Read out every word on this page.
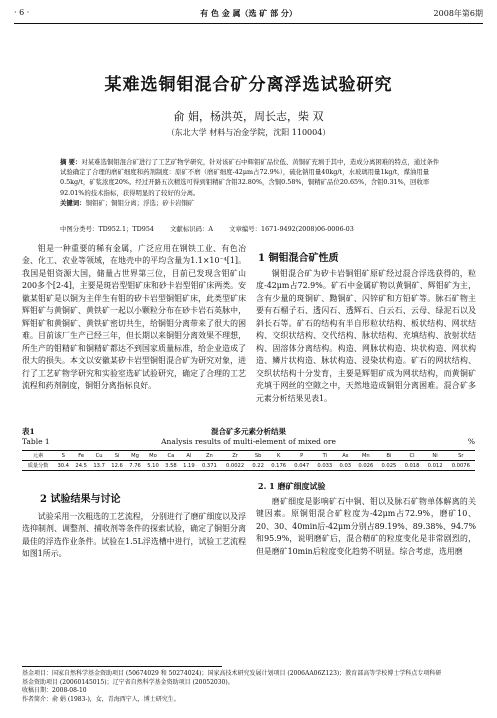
· 6 ·	有 色 金 属（选 矿 部 分）	2008年第6期
某难选铜钼混合矿分离浮选试验研究
俞 娟，杨洪英，周长志，柴 双
（东北大学 材料与冶金学院，沈阳 110004）
摘 要：对某难选铜钼混合矿进行了工艺矿物学研究，针对该矿石中辉钼矿品位低、黄铜矿充填于其中，造成分离困难的特点，通过条件试验确定了合理的磨矿细度和药剂制度：原矿不磨（磨矿细度-42μm占72.9%），硫化钠用量40kg/t，水玻璃用量1kg/t，煤油用量0.5kg/t，矿浆浓度20%。经过开路五次精选可得到钼精矿含钼32.80%，含铜0.58%，铜精矿品位20.65%，含钼0.31%，回收率92.01%的技术指标，获得明显的了较好的分离。
关键词：铜钼矿；铜钼分离；浮选；矽卡岩铜矿
中图分类号：TD952.1；TD954	文献标识码：A	文章编号：1671-9492(2008)06-0006-03
钼是一种重要的稀有金属，广泛应用在钢铁工业、有色冶金、化工、农业等领域，在地壳中的平均含量为1.1×10⁻⁴[1]。我国是钼资源大国，储量占世界第三位，目前已发现含钼矿山200多个[2-4]，主要是斑岩型钼矿床和砂卡岩型钼矿床两类。安徽某钼矿是以铜为主伴生有钼的矽卡岩型铜钼矿床，此类型矿床辉钼矿与黄铜矿、黄铁矿一起以小颗粒分布在砂卡岩石英脉中，辉钼矿和黄铜矿、黄铁矿密切共生，给铜钼分离带来了很大的困难。目前该厂生产已经三年，但长期以来铜钼分离效果不理想，所生产的钼精矿和铜精矿都达不到国家质量标准，给企业造成了很大的损失。本文以安徽某矽卡岩型铜钼混合矿为研究对象，进行了工艺矿物学研究和实验室选矿试验研究，确定了合理的工艺流程和药剂制度，铜钼分离指标良好。
1 铜钼混合矿性质
铜钼混合矿为矽卡岩铜钼矿原矿经过混合浮选获得的，粒度-42μm占72.9%。矿石中金属矿物以黄铜矿、辉钼矿为主，含有少量的斑铜矿、黝铜矿、闪锌矿和方铅矿等。脉石矿物主要有石榴子石、透闪石、透辉石、白云石、云母、绿泥石以及斜长石等。矿石的结构有半自形粒状结构、板状结构、网状结构、交织状结构、交代结构、脉状结构、充填结构、放射状结构、固溶体分离结构。构造、网脉状构造、块状构造、网状构造、鳞片状构造、脉状构造、浸染状构造。矿石的网状结构、交织状结构十分发育，主要是辉钼矿成为网状结构，而黄铜矿充填于网丝的空隙之中，天然地造成铜钼分离困难。混合矿多元素分析结果见表1。
表1	混合矿多元素分析结果
Table 1	Analysis results of multi-element of mixed ore	%
元素	S	Fe	Cu	Si	Mg	Mo	Ca	Al	Zn	Zr	Sb	K	P	Ti	As	Mn	Bi	Cl	Ni	Sr
质量分数	30.4	24.5	13.7	12.6	7.76	5.10	3.58	1.19	0.371	0.0022	0.22	0.176	0.047	0.033	0.03	0.026	0.025	0.018	0.012	0.0076
2 试验结果与讨论
试验采用一次粗选的工艺流程， 分别进行了磨矿细度以及浮选抑制剂、调整剂、捕收剂等条件的探索试验，确定了铜钼分离最佳的浮选作业条件。试验在1.5L浮选槽中进行，试验工艺流程如图1所示。
2. 1 磨矿细度试验
磨矿细度是影响矿石中铜、钼以及脉石矿物单体解离的关键因素。原铜钼混合矿粒度为-42μm占72.9%，磨矿10、20、30、40min后-42μm分别占89.19%、89.38%、94.7%和95.9%，说明磨矿后，混合精矿的粒度变化是非常剧烈的，但是磨矿10min后粒度变化趋势不明显。综合考虑，选用磨
基金项目：国家自然科学基金资助项目 (50674029 和 50274024)；国家高技术研究发展计划项目 (2006AA06Z123)；教育部高等学校博士学科点专项科研基金资助项目 (20060145015)；辽宁省自然科学基金资助项目 (20052030)。
收稿日期：2008-08-10
作者简介：俞 娟 (1983-)，女，青海西宁人，博士研究生。
